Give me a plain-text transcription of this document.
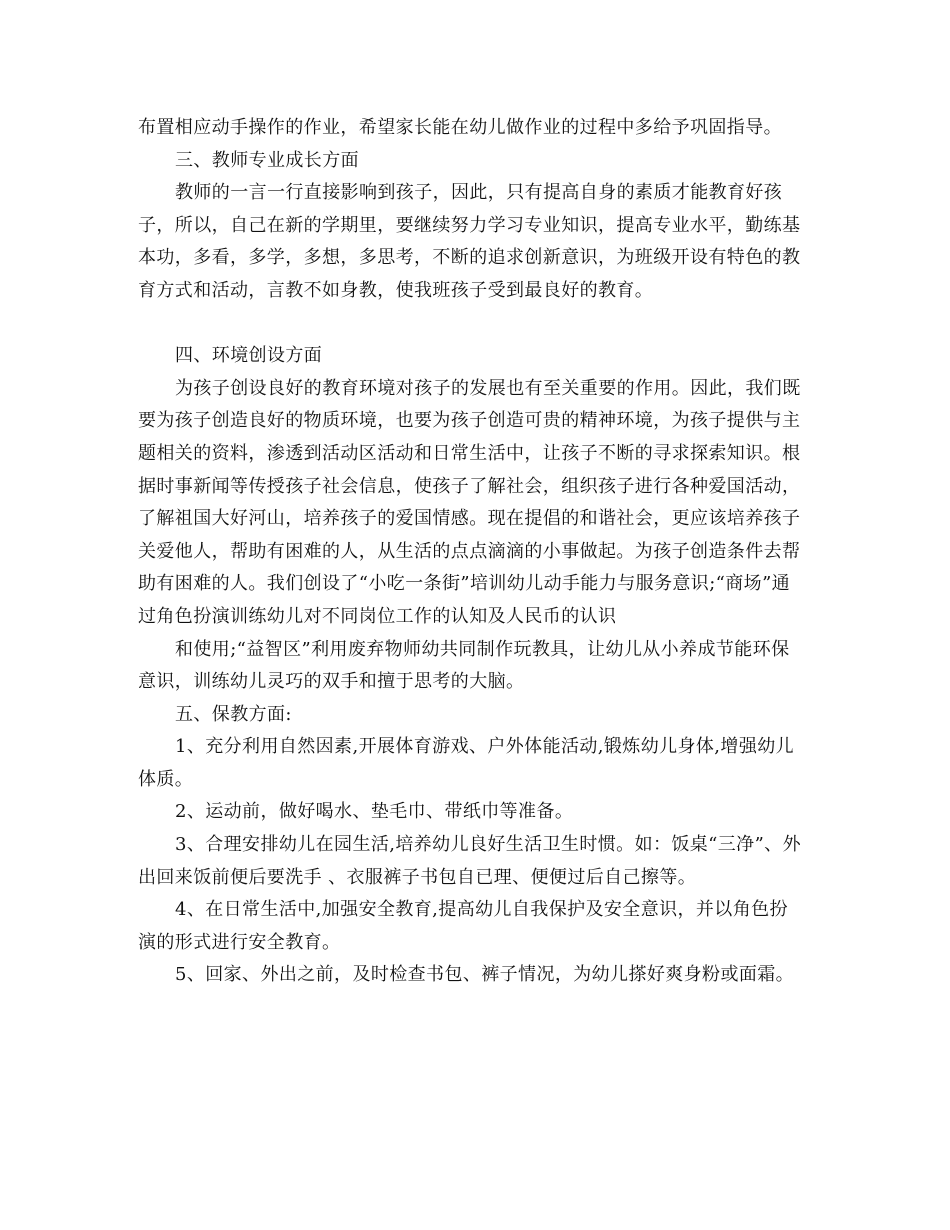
布置相应动手操作的作业，希望家长能在幼儿做作业的过程中多给予巩固指导。
三、教师专业成长方面
教师的一言一行直接影响到孩子，因此，只有提高自身的素质才能教育好孩
子，所以，自己在新的学期里，要继续努力学习专业知识，提高专业水平，勤练基
本功，多看，多学，多想，多思考，不断的追求创新意识，为班级开设有特色的教
育方式和活动，言教不如身教，使我班孩子受到最良好的教育。
四、环境创设方面
为孩子创设良好的教育环境对孩子的发展也有至关重要的作用。因此，我们既
要为孩子创造良好的物质环境，也要为孩子创造可贵的精神环境，为孩子提供与主
题相关的资料，渗透到活动区活动和日常生活中，让孩子不断的寻求探索知识。根
据时事新闻等传授孩子社会信息，使孩子了解社会，组织孩子进行各种爱国活动，
了解祖国大好河山，培养孩子的爱国情感。现在提倡的和谐社会，更应该培养孩子
关爱他人，帮助有困难的人，从生活的点点滴滴的小事做起。为孩子创造条件去帮
助有困难的人。我们创设了“小吃一条街”培训幼儿动手能力与服务意识;“商场”通
过角色扮演训练幼儿对不同岗位工作的认知及人民币的认识
和使用;“益智区”利用废弃物师幼共同制作玩教具，让幼儿从小养成节能环保
意识，训练幼儿灵巧的双手和擅于思考的大脑。
五、保教方面:
1、充分利用自然因素,开展体育游戏、户外体能活动,锻炼幼儿身体,增强幼儿
体质。
2、运动前，做好喝水、垫毛巾、带纸巾等准备。
3、合理安排幼儿在园生活,培养幼儿良好生活卫生时惯。如：饭桌“三净”、外
出回来饭前便后要洗手 、衣服裤子书包自已理、便便过后自己擦等。
4、在日常生活中,加强安全教育,提高幼儿自我保护及安全意识，并以角色扮
演的形式进行安全教育。
5、回家、外出之前，及时检查书包、裤子情况，为幼儿搽好爽身粉或面霜。
